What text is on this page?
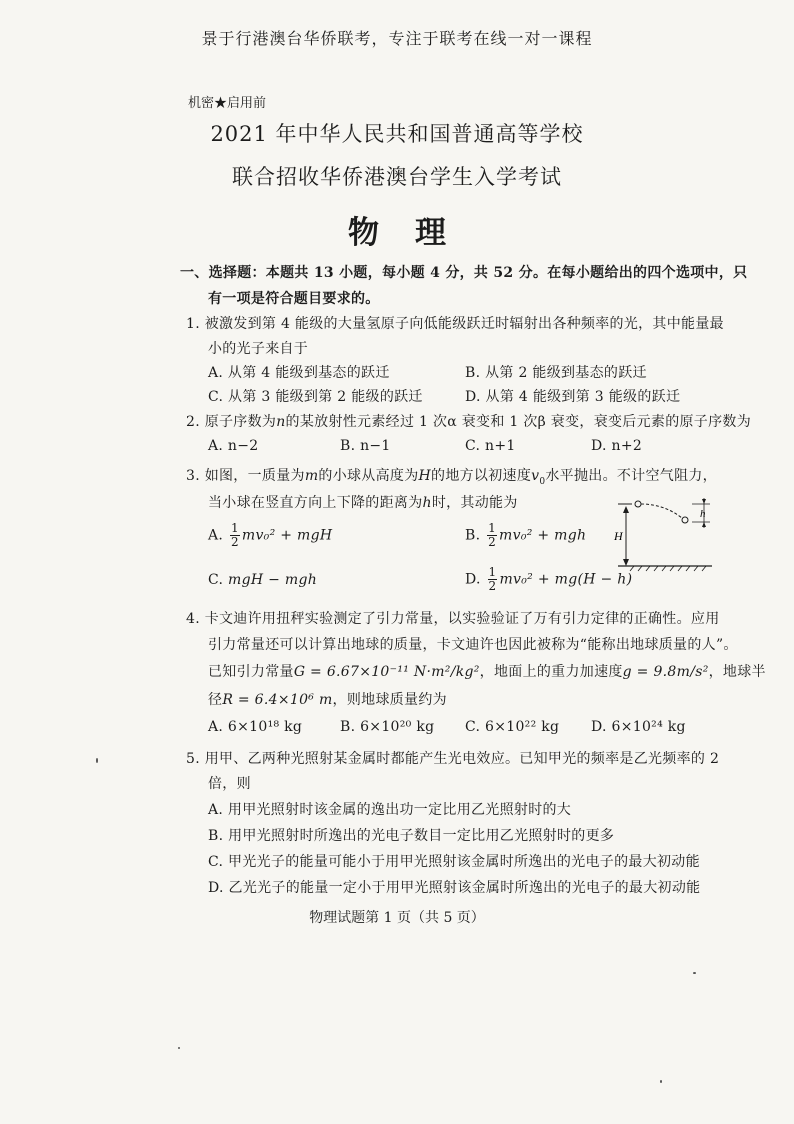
景于行港澳台华侨联考，专注于联考在线一对一课程
机密★启用前
2021 年中华人民共和国普通高等学校
联合招收华侨港澳台学生入学考试
物理
一、选择题：本题共 13 小题，每小题 4 分，共 52 分。在每小题给出的四个选项中，只
有一项是符合题目要求的。
1. 被激发到第 4 能级的大量氢原子向低能级跃迁时辐射出各种频率的光，其中能量最
小的光子来自于
A. 从第 4 能级到基态的跃迁	B. 从第 2 能级到基态的跃迁
C. 从第 3 能级到第 2 能级的跃迁	D. 从第 4 能级到第 3 能级的跃迁
2. 原子序数为n的某放射性元素经过 1 次α 衰变和 1 次β 衰变，衰变后元素的原子序数为
A. n−2	B. n−1	C. n+1	D. n+2
3. 如图，一质量为m的小球从高度为H的地方以初速度$v_0$水平抛出。不计空气阻力，
当小球在竖直方向上下降的距离为h时，其动能为
A. $\frac{1}{2} mv_0^2$ + mgH	B. $\frac{1}{2} mv_0^2$ + mgh
C. mgH − mgh	D. $\frac{1}{2} mv_0^2 + mg(H - h)$
H
h
4. 卡文迪许用扭秤实验测定了引力常量，以实验验证了万有引力定律的正确性。应用
引力常量还可以计算出地球的质量，卡文迪许也因此被称为“能称出地球质量的人”。
已知引力常量G = 6.67×10⁻¹¹ N·m²/kg²，地面上的重力加速度g = 9.8m/s²，地球半
径R = 6.4×10⁶ m，则地球质量约为
A. 6×10¹⁸ kg	B. 6×10²⁰ kg C. 6×10²² kg D. 6×10²⁴ kg
5. 用甲、乙两种光照射某金属时都能产生光电效应。已知甲光的频率是乙光频率的 2
倍，则
A. 用甲光照射时该金属的逸出功一定比用乙光照射时的大
B. 用甲光照射时所逸出的光电子数目一定比用乙光照射时的更多
C. 甲光光子的能量可能小于用甲光照射该金属时所逸出的光电子的最大初动能
D. 乙光光子的能量一定小于用甲光照射该金属时所逸出的光电子的最大初动能
物理试题第 1 页（共 5 页）
